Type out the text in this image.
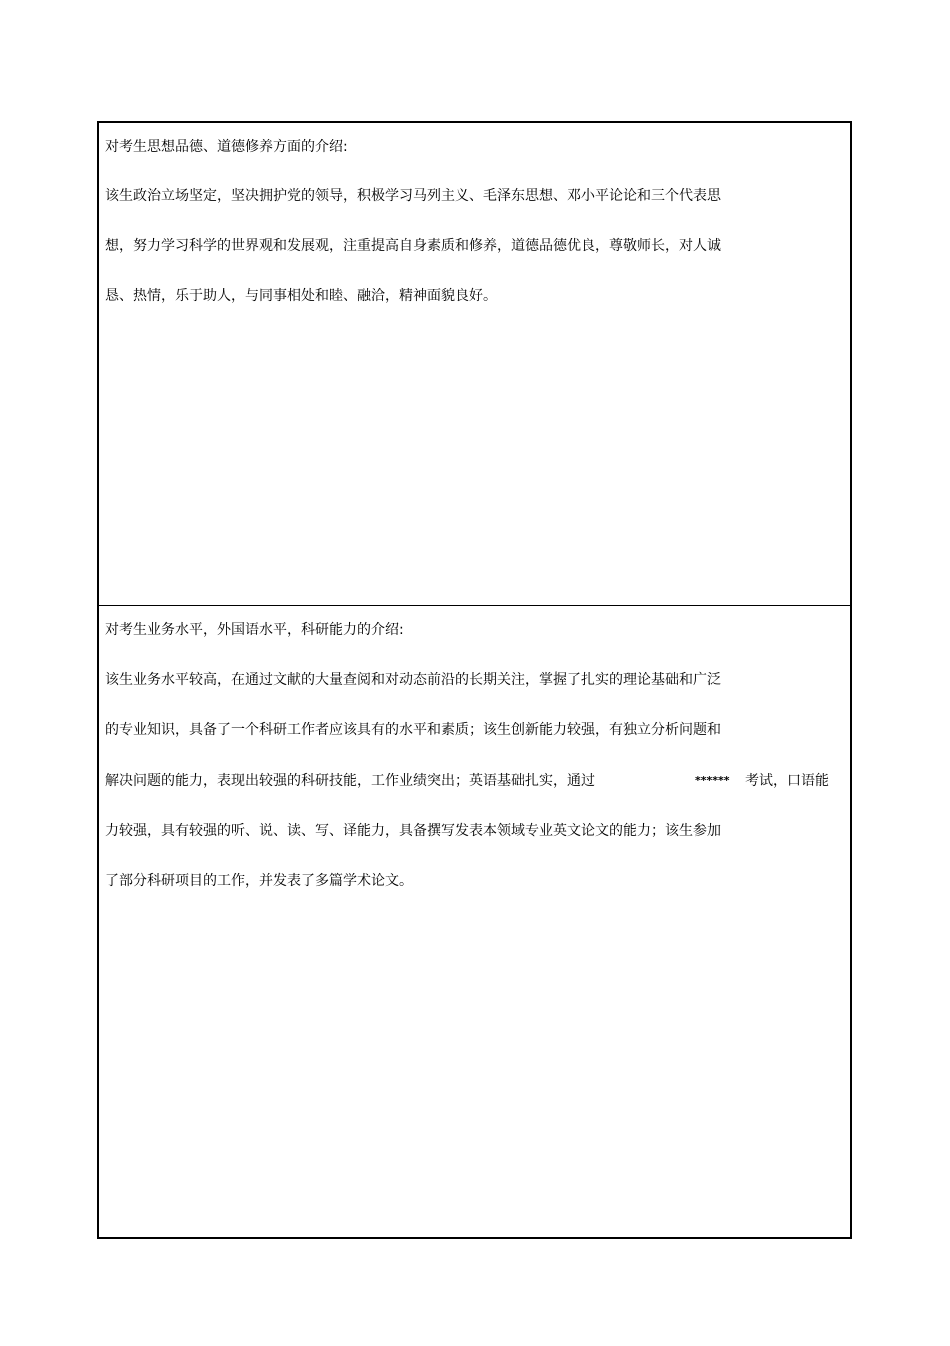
对考生思想品德、道德修养方面的介绍:
该生政治立场坚定，坚决拥护党的领导，积极学习马列主义、毛泽东思想、邓小平论论和三个代表思
想，努力学习科学的世界观和发展观，注重提高自身素质和修养，道德品德优良，尊敬师长，对人诚
恳、热情，乐于助人，与同事相处和睦、融洽，精神面貌良好。
对考生业务水平，外国语水平，科研能力的介绍:
该生业务水平较高，在通过文献的大量查阅和对动态前沿的长期关注，掌握了扎实的理论基础和广泛
的专业知识，具备了一个科研工作者应该具有的水平和素质；该生创新能力较强，有独立分析问题和
解决问题的能力，表现出较强的科研技能，工作业绩突出；英语基础扎实，通过	****** 考试，口语能
力较强，具有较强的听、说、读、写、译能力，具备撰写发表本领域专业英文论文的能力；该生参加
了部分科研项目的工作，并发表了多篇学术论文。
